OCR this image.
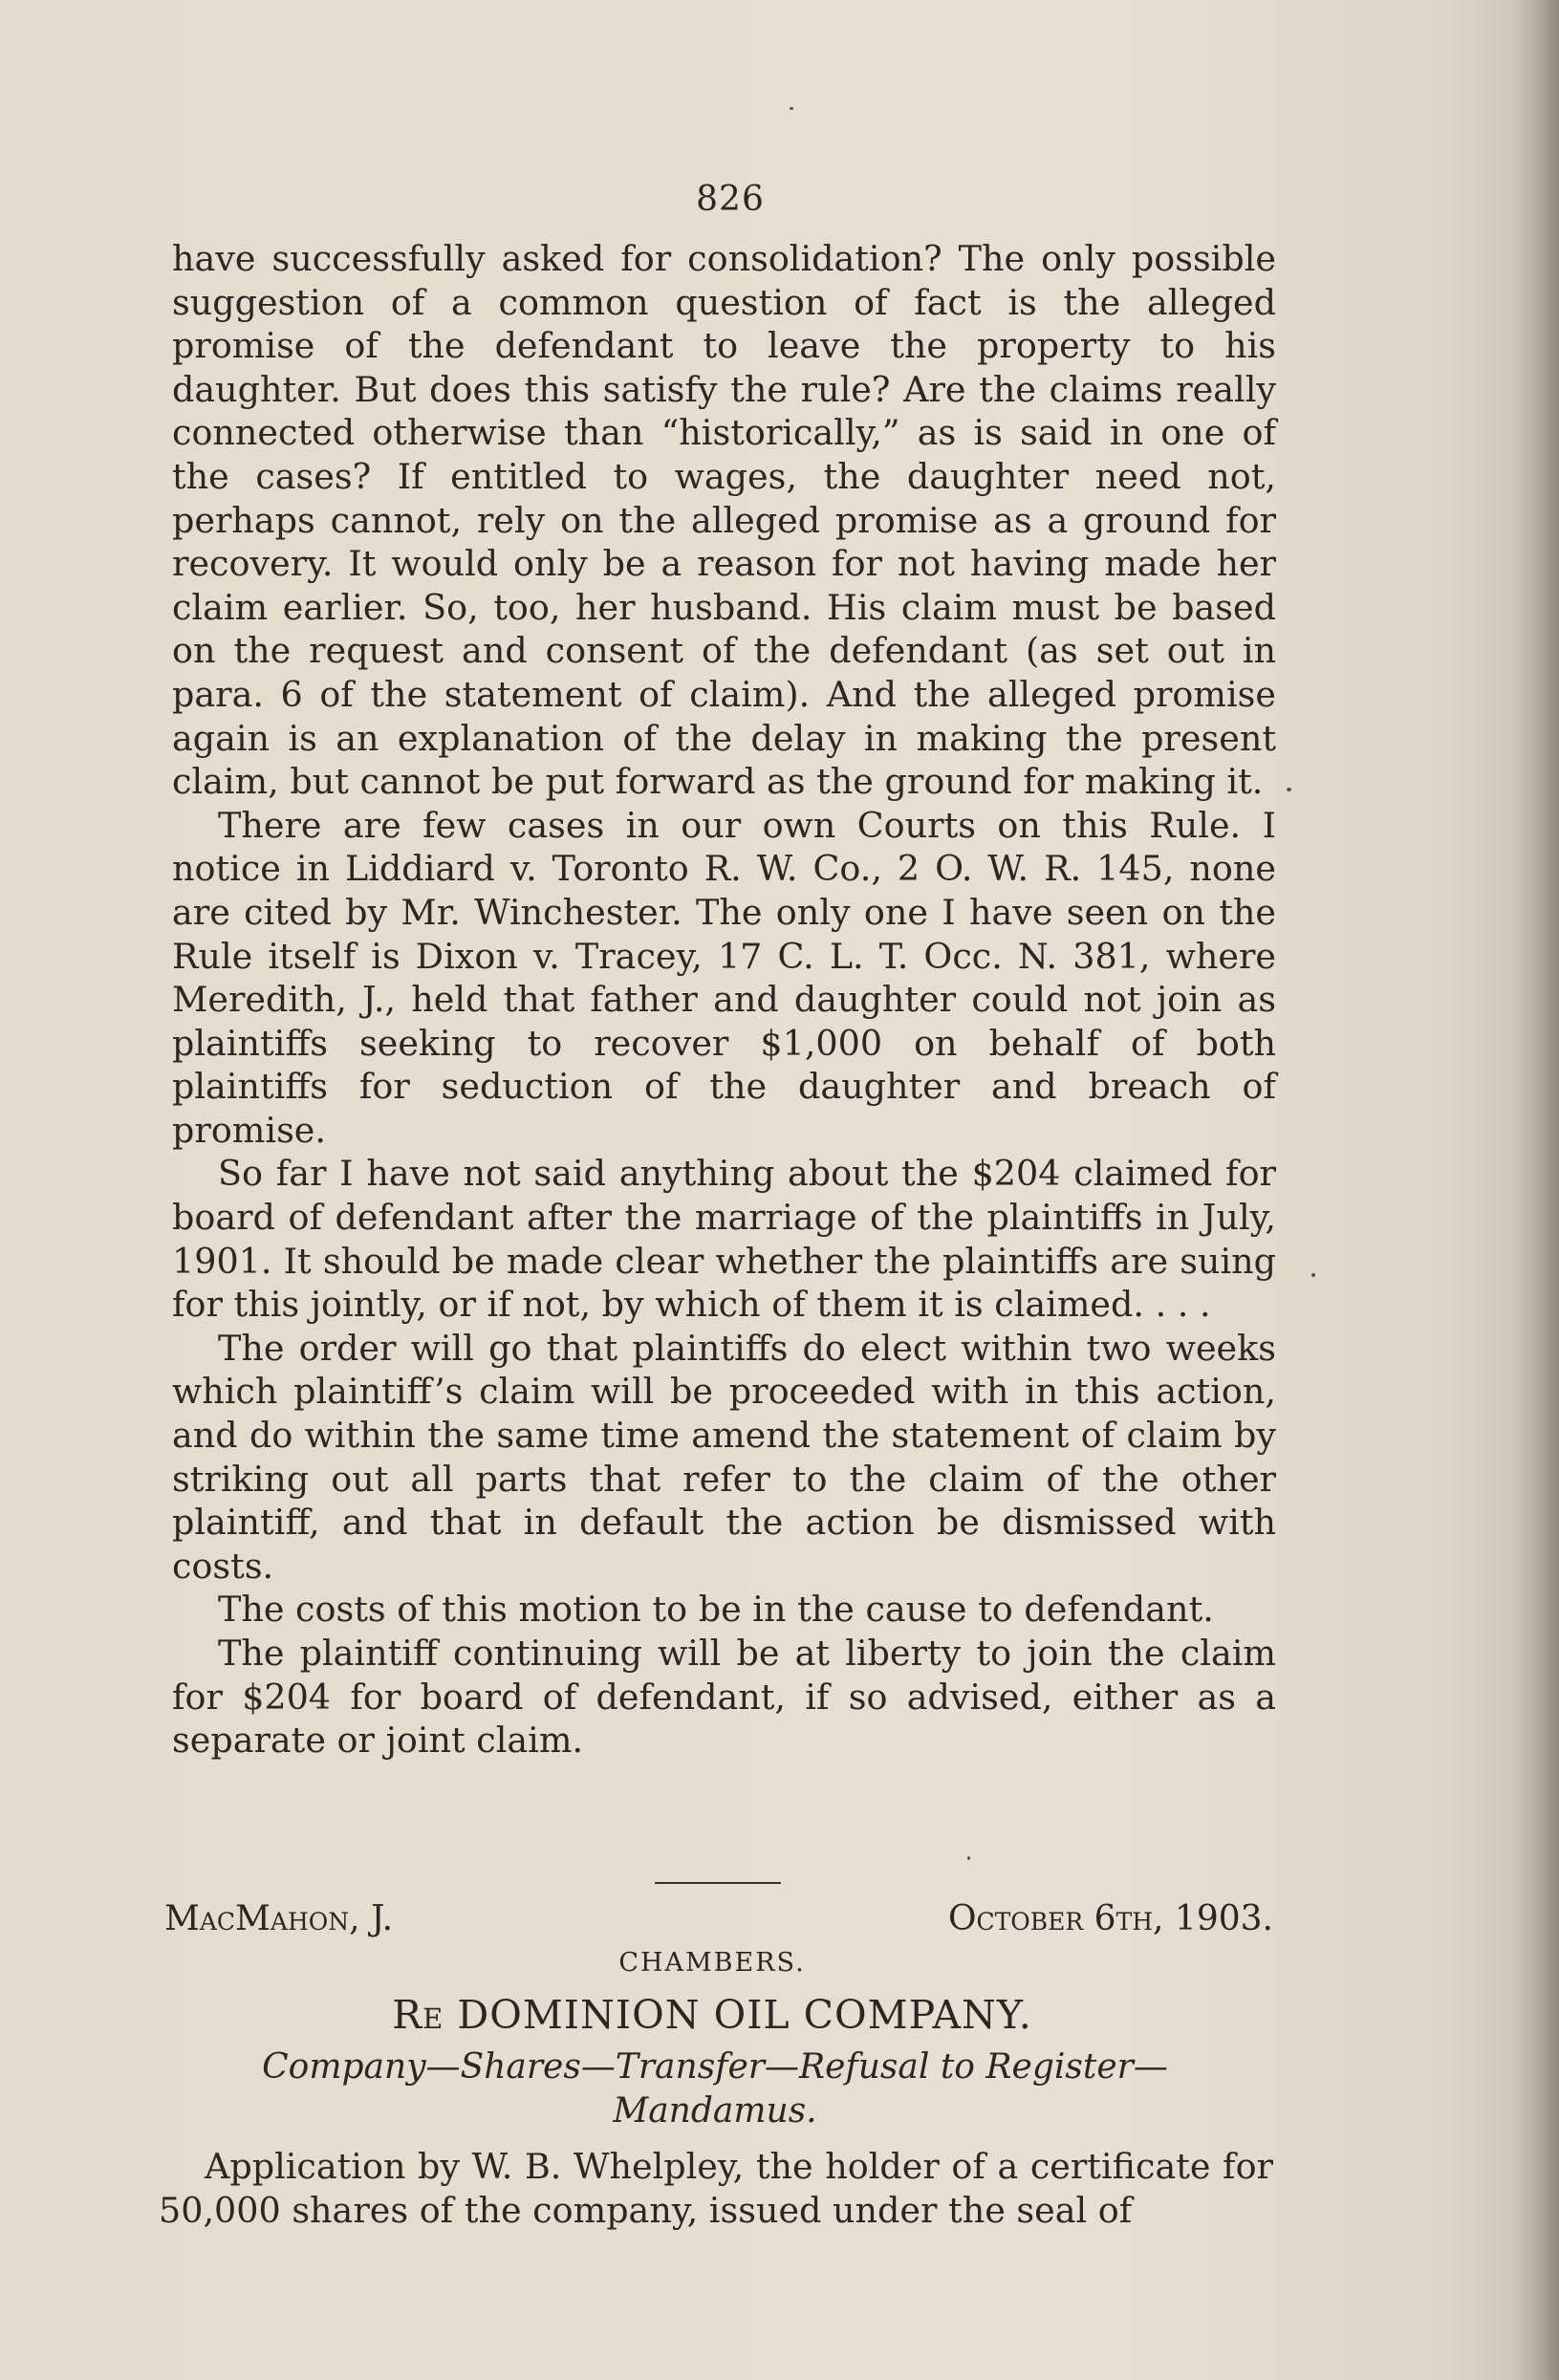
826

have successfully asked for consolidation? The only possible suggestion of a common question of fact is the alleged promise of the defendant to leave the property to his daughter. But does this satisfy the rule? Are the claims really connected otherwise than “historically,” as is said in one of the cases? If entitled to wages, the daughter need not, perhaps cannot, rely on the alleged promise as a ground for recovery. It would only be a reason for not having made her claim earlier. So, too, her husband. His claim must be based on the request and consent of the defendant (as set out in para. 6 of the statement of claim). And the alleged promise again is an explanation of the delay in making the present claim, but cannot be put forward as the ground for making it.

There are few cases in our own Courts on this Rule. I notice in Liddiard v. Toronto R. W. Co., 2 O. W. R. 145, none are cited by Mr. Winchester. The only one I have seen on the Rule itself is Dixon v. Tracey, 17 C. L. T. Occ. N. 381, where Meredith, J., held that father and daughter could not join as plaintiffs seeking to recover $1,000 on behalf of both plaintiffs for seduction of the daughter and breach of promise.

So far I have not said anything about the $204 claimed for board of defendant after the marriage of the plaintiffs in July, 1901. It should be made clear whether the plaintiffs are suing for this jointly, or if not, by which of them it is claimed. . . .

The order will go that plaintiffs do elect within two weeks which plaintiff’s claim will be proceeded with in this action, and do within the same time amend the statement of claim by striking out all parts that refer to the claim of the other plaintiff, and that in default the action be dismissed with costs.

The costs of this motion to be in the cause to defendant.

The plaintiff continuing will be at liberty to join the claim for $204 for board of defendant, if so advised, either as a separate or joint claim.

MacMahon, J.	October 6th, 1903.
CHAMBERS.
Re DOMINION OIL COMPANY.
Company—Shares—Transfer—Refusal to Register—Mandamus.

Application by W. B. Whelpley, the holder of a certificate for 50,000 shares of the company, issued under the seal of
